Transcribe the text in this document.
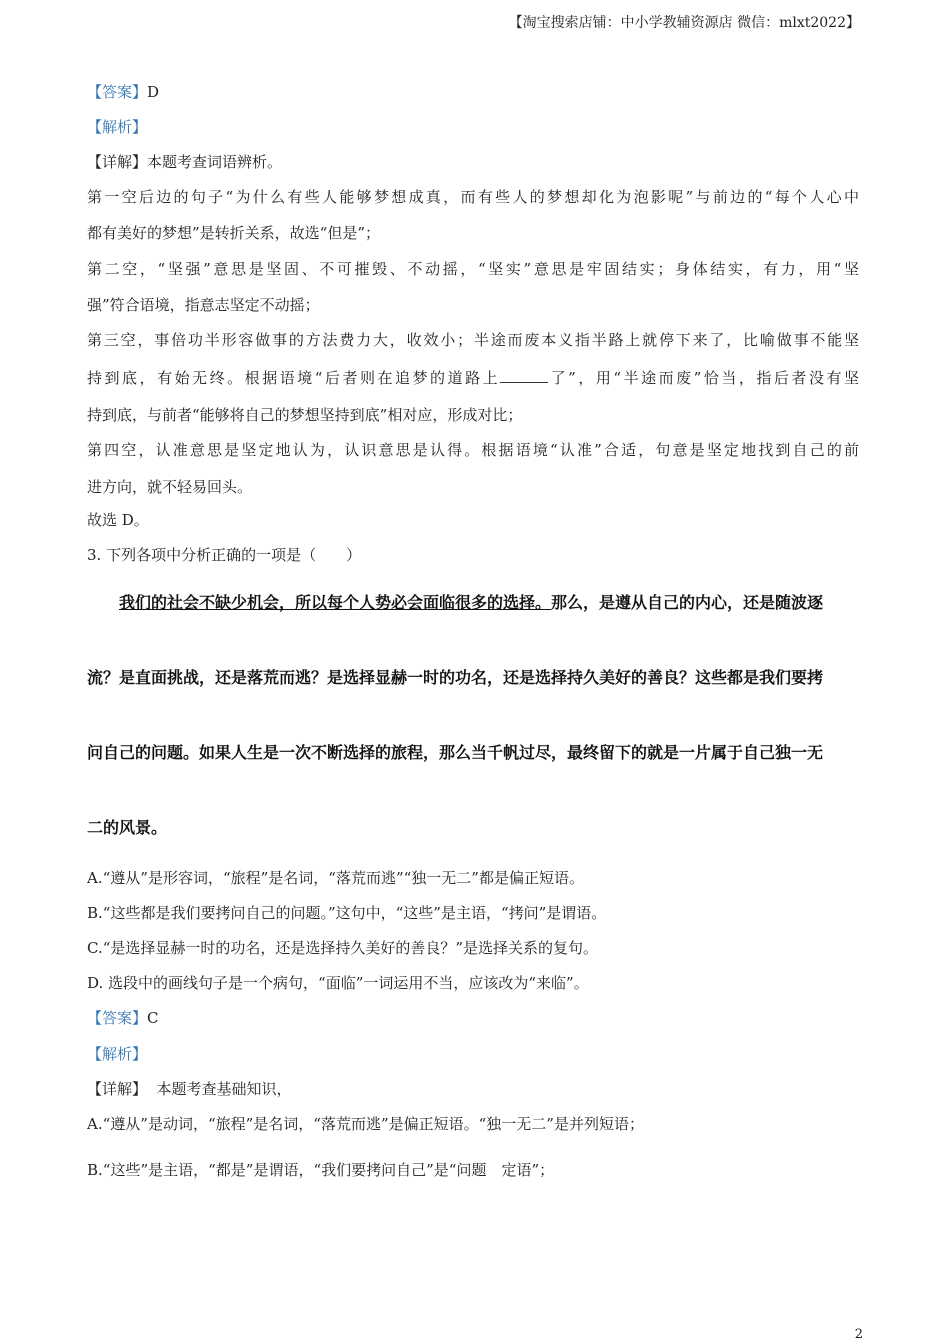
【淘宝搜索店铺：中小学教辅资源店 微信：mlxt2022】
【答案】D
【解析】
【详解】本题考查词语辨析。
第一空后边的句子“为什么有些人能够梦想成真，而有些人的梦想却化为泡影呢”与前边的“每个人心中
都有美好的梦想”是转折关系，故选“但是”；
第二空，“坚强”意思是坚固、不可摧毁、不动摇，“坚实”意思是牢固结实；身体结实，有力，用“坚
强”符合语境，指意志坚定不动摇；
第三空，事倍功半形容做事的方法费力大，收效小；半途而废本义指半路上就停下来了，比喻做事不能坚
持到底，有始无终。根据语境“后者则在追梦的道路上	了”，用“半途而废”恰当，指后者没有坚
持到底，与前者“能够将自己的梦想坚持到底”相对应，形成对比；
第四空，认准意思是坚定地认为，认识意思是认得。根据语境“认准”合适，句意是坚定地找到自己的前
进方向，就不轻易回头。
故选 D。
3. 下列各项中分析正确的一项是（　　）
我们的社会不缺少机会，所以每个人势必会面临很多的选择。那么，是遵从自己的内心，还是随波逐
流？是直面挑战，还是落荒而逃？是选择显赫一时的功名，还是选择持久美好的善良？这些都是我们要拷
问自己的问题。如果人生是一次不断选择的旅程，那么当千帆过尽，最终留下的就是一片属于自己独一无
二的风景。
A.“遵从”是形容词，“旅程”是名词，“落荒而逃”“独一无二”都是偏正短语。
B.“这些都是我们要拷问自己的问题。”这句中，“这些”是主语，“拷问”是谓语。
C.“是选择显赫一时的功名，还是选择持久美好的善良？”是选择关系的复句。
D. 选段中的画线句子是一个病句，“面临”一词运用不当，应该改为“来临”。
【答案】C
【解析】
【详解】  本题考查基础知识，
A.“遵从”是动词，“旅程”是名词，“落荒而逃”是偏正短语。“独一无二”是并列短语；
B.“这些”是主语，“都是”是谓语，“我们要拷问自己”是“问题　定语”；
2
